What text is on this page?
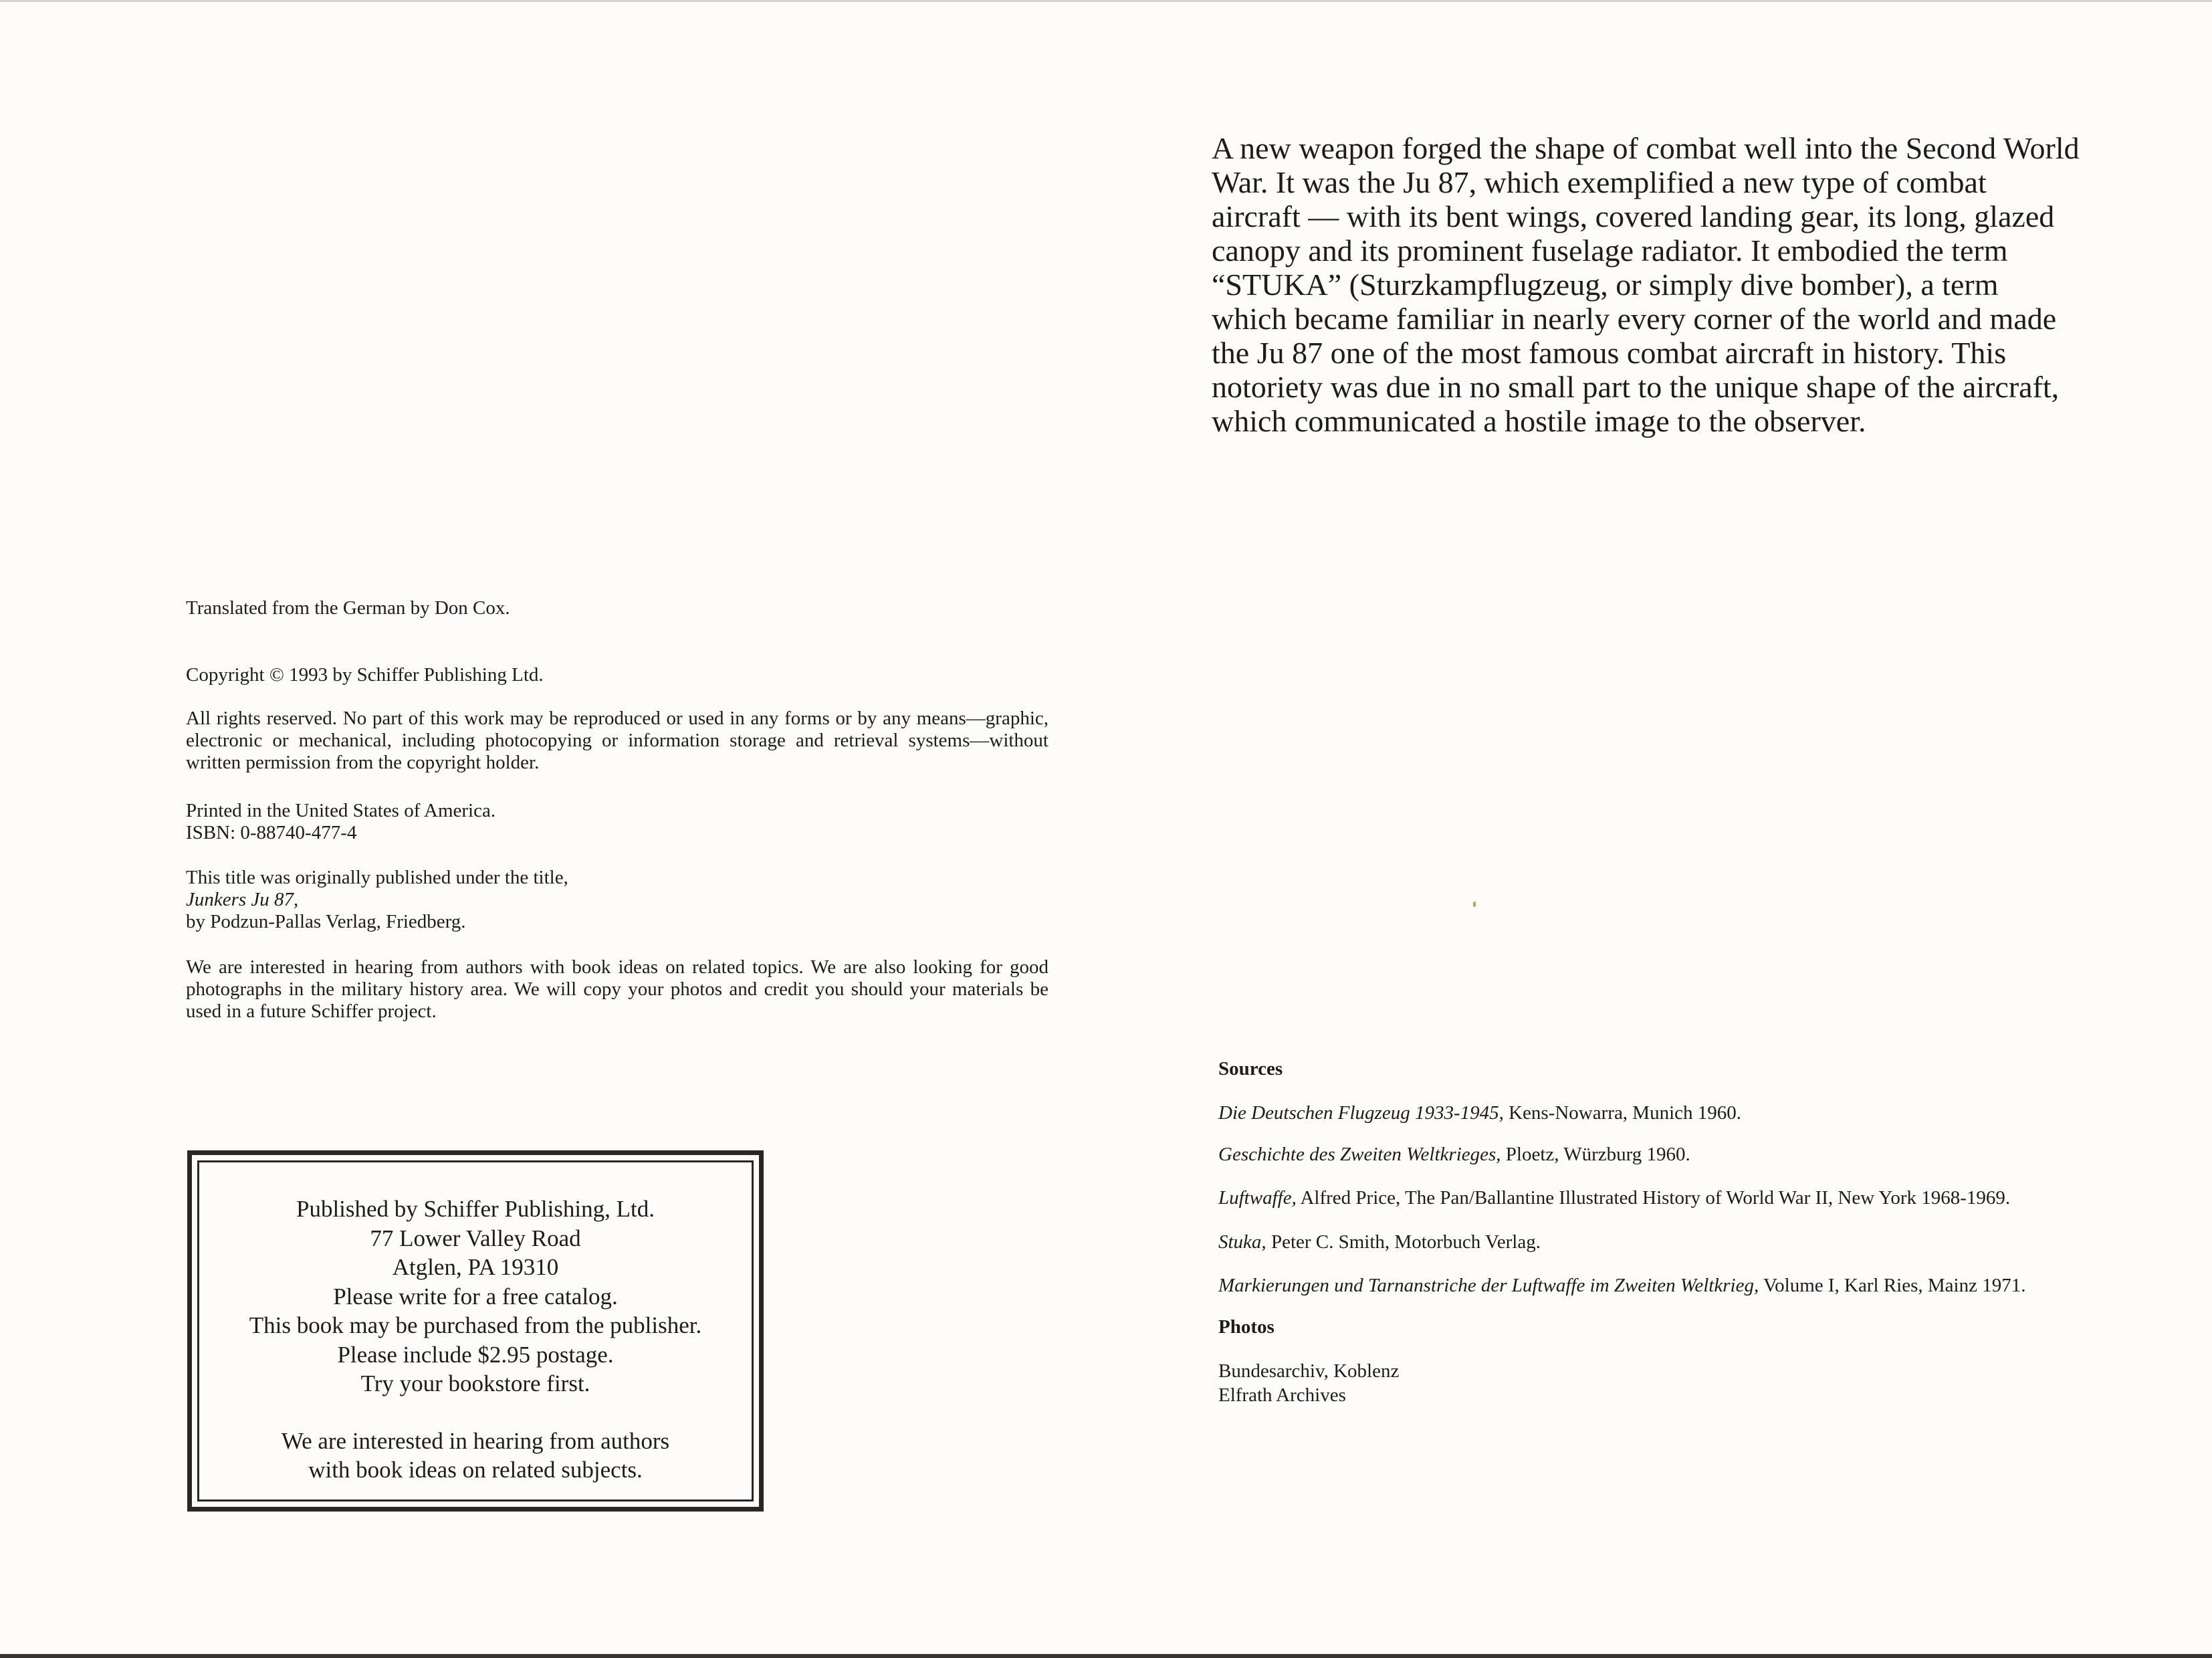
A new weapon forged the shape of combat well into the Second World War. It was the Ju 87, which exemplified a new type of combat aircraft — with its bent wings, covered landing gear, its long, glazed canopy and its prominent fuselage radiator. It embodied the term “STUKA” (Sturzkampflugzeug, or simply dive bomber), a term which became familiar in nearly every corner of the world and made the Ju 87 one of the most famous combat aircraft in history. This notoriety was due in no small part to the unique shape of the aircraft, which communicated a hostile image to the observer.

Translated from the German by Don Cox.

Copyright © 1993 by Schiffer Publishing Ltd.

All rights reserved. No part of this work may be reproduced or used in any forms or by any means—graphic, electronic or mechanical, including photocopying or information storage and retrieval systems—without written permission from the copyright holder.

Printed in the United States of America.

ISBN: 0-88740-477-4

This title was originally published under the title,

Junkers Ju 87,

by Podzun-Pallas Verlag, Friedberg.

We are interested in hearing from authors with book ideas on related topics. We are also looking for good photographs in the military history area. We will copy your photos and credit you should your materials be used in a future Schiffer project.

Published by Schiffer Publishing, Ltd.
77 Lower Valley Road
Atglen, PA 19310
Please write for a free catalog.
This book may be purchased from the publisher.
Please include $2.95 postage.
Try your bookstore first.
We are interested in hearing from authors
with book ideas on related subjects.

Sources

Die Deutschen Flugzeug 1933-1945, Kens-Nowarra, Munich 1960.

Geschichte des Zweiten Weltkrieges, Ploetz, Würzburg 1960.

Luftwaffe, Alfred Price, The Pan/Ballantine Illustrated History of World War II, New York 1968-1969.

Stuka, Peter C. Smith, Motorbuch Verlag.

Markierungen und Tarnanstriche der Luftwaffe im Zweiten Weltkrieg, Volume I, Karl Ries, Mainz 1971.

Photos

Bundesarchiv, Koblenz

Elfrath Archives
